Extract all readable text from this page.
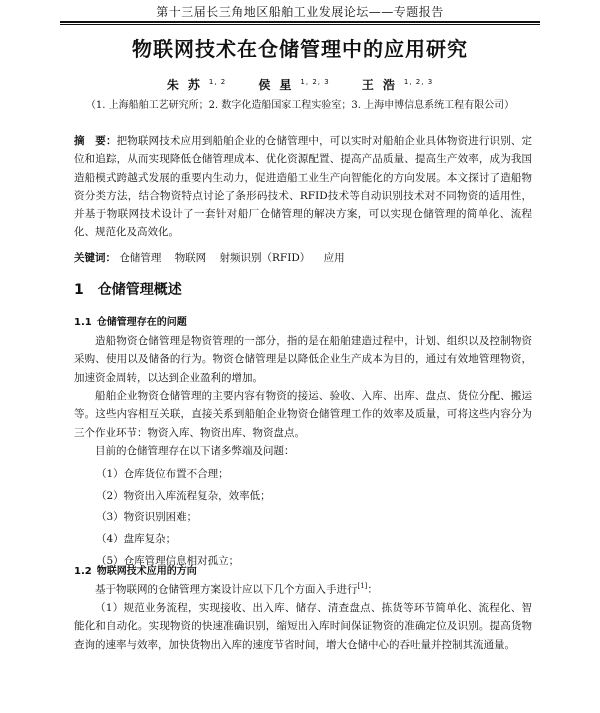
第十三届长三角地区船舶工业发展论坛——专题报告
物联网技术在仓储管理中的应用研究
朱苏$^{1, 2}$	侯星$^{1, 2, 3}$	王浩$^{1, 2, 3}$
（1. 上海船舶工艺研究所；2. 数字化造船国家工程实验室；3. 上海申博信息系统工程有限公司）

摘　要：把物联网技术应用到船舶企业的仓储管理中，可以实时对船舶企业具体物资进行识别、定位和追踪，从而实现降低仓储管理成本、优化资源配置、提高产品质量、提高生产效率，成为我国造船模式跨越式发展的重要内生动力，促进造船工业生产向智能化的方向发展。本文探讨了造船物资分类方法，结合物资特点讨论了条形码技术、RFID技术等自动识别技术对不同物资的适用性，并基于物联网技术设计了一套针对船厂仓储管理的解决方案，可以实现仓储管理的简单化、流程化、规范化及高效化。

关键词： 仓储管理 物联网 射频识别（RFID） 应用
1 仓储管理概述
1.1 仓储管理存在的问题

造船物资仓储管理是物资管理的一部分，指的是在船舶建造过程中，计划、组织以及控制物资采购、使用以及储备的行为。物资仓储管理是以降低企业生产成本为目的，通过有效地管理物资，加速资金周转，以达到企业盈利的增加。

船舶企业物资仓储管理的主要内容有物资的接运、验收、入库、出库、盘点、货位分配、搬运等。这些内容相互关联，直接关系到船舶企业物资仓储管理工作的效率及质量，可将这些内容分为三个作业环节：物资入库、物资出库、物资盘点。

目前的仓储管理存在以下诸多弊端及问题：

（1）仓库货位布置不合理；
（2）物资出入库流程复杂，效率低；
（3）物资识别困难；
（4）盘库复杂；
（5）仓库管理信息相对孤立；
1.2 物联网技术应用的方向

基于物联网的仓储管理方案设计应以下几个方面入手进行[1]：

（1）规范业务流程，实现接收、出入库、储存、清查盘点、拣货等环节简单化、流程化、智能化和自动化。实现物资的快速准确识别，缩短出入库时间保证物资的准确定位及识别。提高货物查询的速率与效率，加快货物出入库的速度节省时间，增大仓储中心的吞吐量并控制其流通量。
